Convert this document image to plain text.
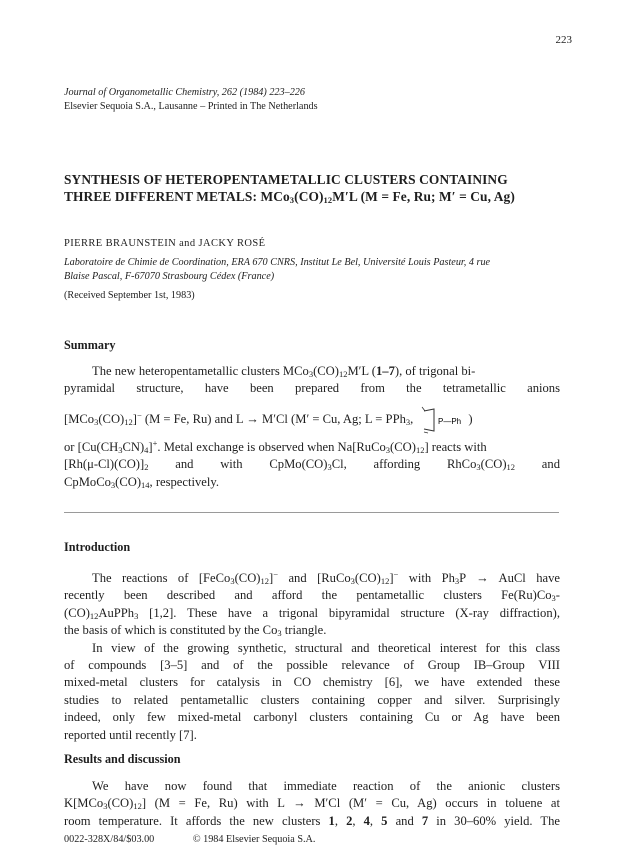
223
Journal of Organometallic Chemistry, 262 (1984) 223–226
Elsevier Sequoia S.A., Lausanne – Printed in The Netherlands
SYNTHESIS OF HETEROPENTAMETALLIC CLUSTERS CONTAINING
THREE DIFFERENT METALS: $MCo_3(CO)_{12}M'L$ (M = Fe, Ru; M′ = Cu, Ag)
PIERRE BRAUNSTEIN and JACKY ROSÉ
Laboratoire de Chimie de Coordination, ERA 670 CNRS, Institut Le Bel, Université Louis Pasteur, 4 rue
Blaise Pascal, F-67070 Strasbourg Cédex (France)
(Received September 1st, 1983)
Summary
The new heteropentametallic clusters $MCo_3(CO)_{12}M'L$ (1–7), of trigonal bi-
pyramidal structure, have been prepared from the tetrametallic anions
$[MCo_3(CO)_{12}]^-$ (M = Fe, Ru) and L → M′Cl (M′ = Cu, Ag; L = PPh$_3$,	P—Ph )
or $[Cu(CH_3CN)_4]^+$. Metal exchange is observed when $Na[RuCo_3(CO)_{12}]$ reacts with
$[Rh(\mu-Cl)(CO)]_2$ and with $CpMo(CO)_3Cl$, affording $RhCo_3(CO)_{12}$ and
$CpMoCo_3(CO)_{14}$, respectively.
Introduction
The reactions of $[FeCo_3(CO)_{12}]^-$ and $[RuCo_3(CO)_{12}]^-$ with $Ph_3P$ → AuCl have
recently been described and afford the pentametallic clusters $Fe(Ru)Co_3-$
$(CO)_{12}AuPPh_3$ [1,2]. These have a trigonal bipyramidal structure (X-ray diffraction),
the basis of which is constituted by the $Co_3$ triangle.
In view of the growing synthetic, structural and theoretical interest for this class
of compounds [3–5] and of the possible relevance of Group IB–Group VIII
mixed-metal clusters for catalysis in CO chemistry [6], we have extended these
studies to related pentametallic clusters containing copper and silver. Surprisingly
indeed, only few mixed-metal carbonyl clusters containing Cu or Ag have been
reported until recently [7].
Results and discussion
We have now found that immediate reaction of the anionic clusters
$K[MCo_3(CO)_{12}] (M = Fe$, Ru) with L → M′Cl (M′ = Cu, Ag) occurs in toluene at
room temperature. It affords the new clusters 1, 2, 4, 5 and 7 in 30–60% yield. The
0022-328X/84/$03.00	© 1984 Elsevier Sequoia S.A.
